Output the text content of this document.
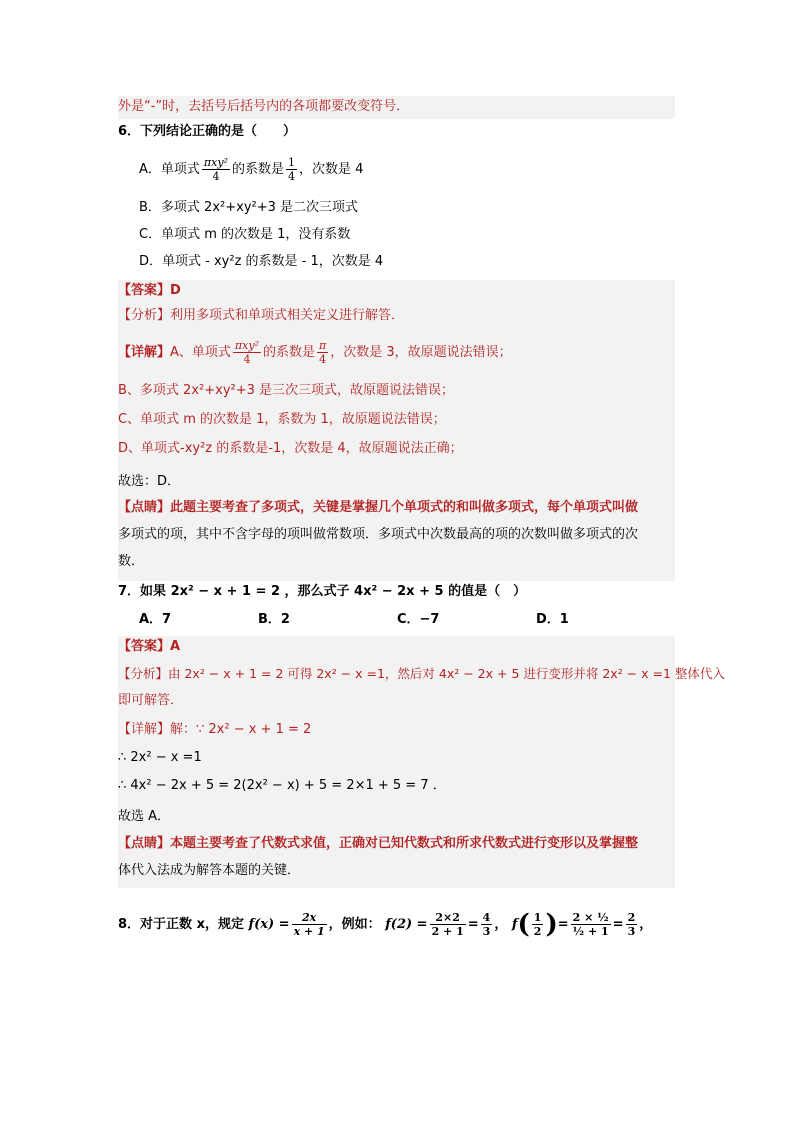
外是“-”时，去括号后括号内的各项都要改变符号．
6．下列结论正确的是（　　）
A．单项式 $\frac{\text{πxy²}}{4}$ 的系数是 $\frac{1}{4}$ ，次数是 4
B．多项式 2x²+xy²+3 是二次三项式
C．单项式 m 的次数是 1，没有系数
D．单项式 - xy²z 的系数是 - 1，次数是 4
【答案】D
【分析】利用多项式和单项式相关定义进行解答．
【详解】A、单项式 $\frac{\text{πxy²}}{4}$ 的系数是 $\frac{\pi}{4}$ ，次数是 3，故原题说法错误；
B、多项式 2x²+xy²+3 是三次三项式，故原题说法错误；
C、单项式 m 的次数是 1，系数为 1，故原题说法错误；
D、单项式-xy²z 的系数是-1，次数是 4，故原题说法正确；
故选：D．
【点睛】此题主要考查了多项式，关键是掌握几个单项式的和叫做多项式，每个单项式叫做
多项式的项，其中不含字母的项叫做常数项．多项式中次数最高的项的次数叫做多项式的次
数．
7．如果 2x² − x + 1 = 2 ，那么式子 4x² − 2x + 5 的值是（　）
A．7	B．2	C．−7	D．1
【答案】A
【分析】由 2x² − x + 1 = 2 可得 2x² − x =1，然后对 4x² − 2x + 5 进行变形并将 2x² − x =1 整体代入
即可解答．
【详解】解：∵ 2x² − x + 1 = 2
∴ 2x² − x =1
∴ 4x² − 2x + 5 = 2(2x² − x) + 5 = 2×1 + 5 = 7 ．
故选 A．
【点睛】本题主要考查了代数式求值，正确对已知代数式和所求代数式进行变形以及掌握整
体代入法成为解答本题的关键．
8．对于正数 x，规定 $f(x) = \frac{2x}{x + 1}$ ，例如： $f(2) = \frac{2\times 2}{2 + 1} = \frac{4}{3}$ ， $f( \frac{1}{2}$ )= $\frac{\text{2 × ½}}{\text{½ + 1}} = \frac{2}{3}$ ，
